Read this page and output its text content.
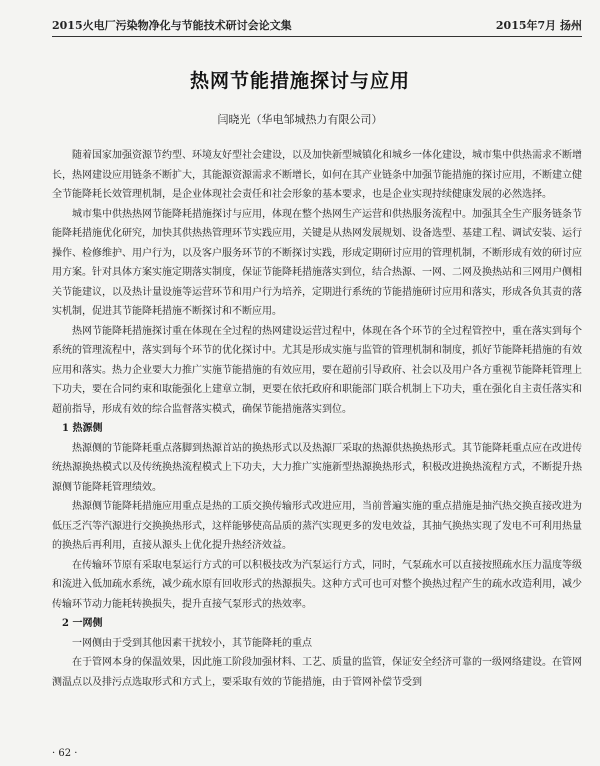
2015火电厂污染物净化与节能技术研讨会论文集	2015年7月 扬州
热网节能措施探讨与应用
闫晓光（华电邹城热力有限公司）

随着国家加强资源节约型、环境友好型社会建设，以及加快新型城镇化和城乡一体化建设，城市集中供热需求不断增长，热网建设应用链条不断扩大，其能源资源需求不断增长，如何在其产业链条中加强节能措施的探讨应用，不断建立健全节能降耗长效管理机制，是企业体现社会责任和社会形象的基本要求，也是企业实现持续健康发展的必然选择。

城市集中供热热网节能降耗措施探讨与应用，体现在整个热网生产运营和供热服务流程中。加强其全生产服务链条节能降耗措施优化研究，加快其供热热管理环节实践应用，关键是从热网发展规划、设备选型、基建工程、调试安装、运行操作、检修维护、用户行为，以及客户服务环节的不断探讨实践，形成定期研讨应用的管理机制，不断形成有效的研讨应用方案。针对具体方案实施定期落实制度，保证节能降耗措施落实到位，结合热源、一网、二网及换热站和三网用户侧相关节能建议，以及热计量设施等运营环节和用户行为培养，定期进行系统的节能措施研讨应用和落实，形成各负其责的落实机制，促进其节能降耗措施不断探讨和不断应用。

热网节能降耗措施探讨重在体现在全过程的热网建设运营过程中，体现在各个环节的全过程管控中，重在落实到每个系统的管理流程中，落实到每个环节的优化探讨中。尤其是形成实施与监管的管理机制和制度，抓好节能降耗措施的有效应用和落实。热力企业要大力推广实施节能措施的有效应用，要在超前引导政府、社会以及用户各方重视节能降耗管理上下功夫，要在合同约束和取能强化上建章立制，更要在依托政府和职能部门联合机制上下功夫，重在强化自主责任落实和超前指导，形成有效的综合监督落实模式，确保节能措施落实到位。

1 热源侧

热源侧的节能降耗重点落脚到热源首站的换热形式以及热源厂采取的热源供热换热形式。其节能降耗重点应在改进传统热源换热模式以及传统换热流程模式上下功夫，大力推广实施新型热源换热形式，积极改进换热流程方式，不断提升热源侧节能降耗管理绩效。

热源侧节能降耗措施应用重点是热的工质交换传输形式改进应用，当前普遍实施的重点措施是抽汽热交换直接改进为低压乏汽等汽源进行交换换热形式，这样能够使高品质的蒸汽实现更多的发电效益，其抽气换热实现了发电不可利用热量的换热后再利用，直接从源头上优化提升热经济效益。

在传输环节原有采取电泵运行方式的可以积极技改为汽泵运行方式，同时，气泵疏水可以直接按照疏水压力温度等级和流进入低加疏水系统，减少疏水原有回收形式的热源损失。这种方式可也可对整个换热过程产生的疏水改造利用，减少传输环节动力能耗转换损失，提升直接气泵形式的热效率。

2 一网侧

一网侧由于受到其他因素干扰较小，其节能降耗的重点

在于管网本身的保温效果，因此施工阶段加强材料、工艺、质量的监管，保证安全经济可靠的一级网络建设。在管网测温点以及排污点选取形式和方式上，要采取有效的节能措施，由于管网补偿节受到

· 62 ·
